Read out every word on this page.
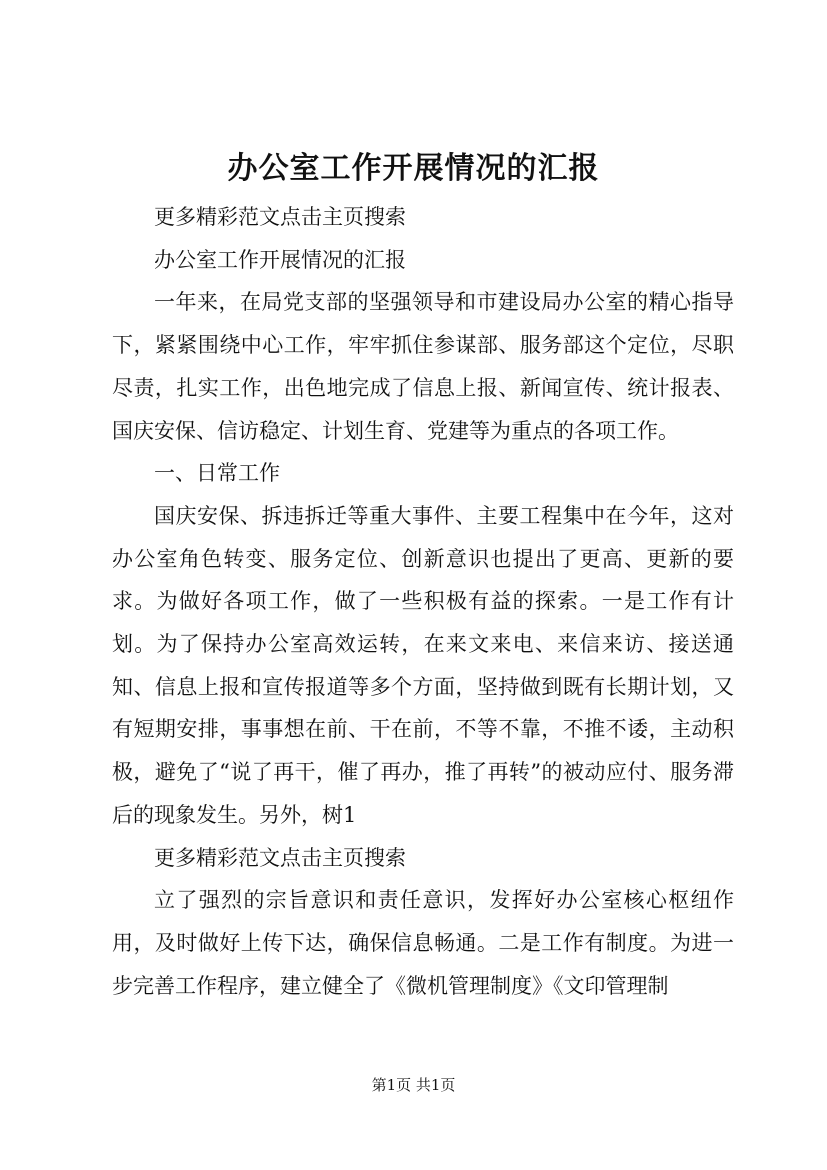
办公室工作开展情况的汇报

更多精彩范文点击主页搜索

办公室工作开展情况的汇报

一年来，在局党支部的坚强领导和市建设局办公室的精心指导下，紧紧围绕中心工作，牢牢抓住参谋部、服务部这个定位，尽职尽责，扎实工作，出色地完成了信息上报、新闻宣传、统计报表、国庆安保、信访稳定、计划生育、党建等为重点的各项工作。

一、日常工作

国庆安保、拆违拆迁等重大事件、主要工程集中在今年，这对办公室角色转变、服务定位、创新意识也提出了更高、更新的要求。为做好各项工作，做了一些积极有益的探索。一是工作有计划。为了保持办公室高效运转，在来文来电、来信来访、接送通知、信息上报和宣传报道等多个方面，坚持做到既有长期计划，又有短期安排，事事想在前、干在前，不等不靠，不推不诿，主动积极，避免了“说了再干，催了再办，推了再转”的被动应付、服务滞后的现象发生。另外，树1

更多精彩范文点击主页搜索

立了强烈的宗旨意识和责任意识，发挥好办公室核心枢纽作用，及时做好上传下达，确保信息畅通。二是工作有制度。为进一步完善工作程序，建立健全了《微机管理制度》《文印管理制

第1页 共1页
